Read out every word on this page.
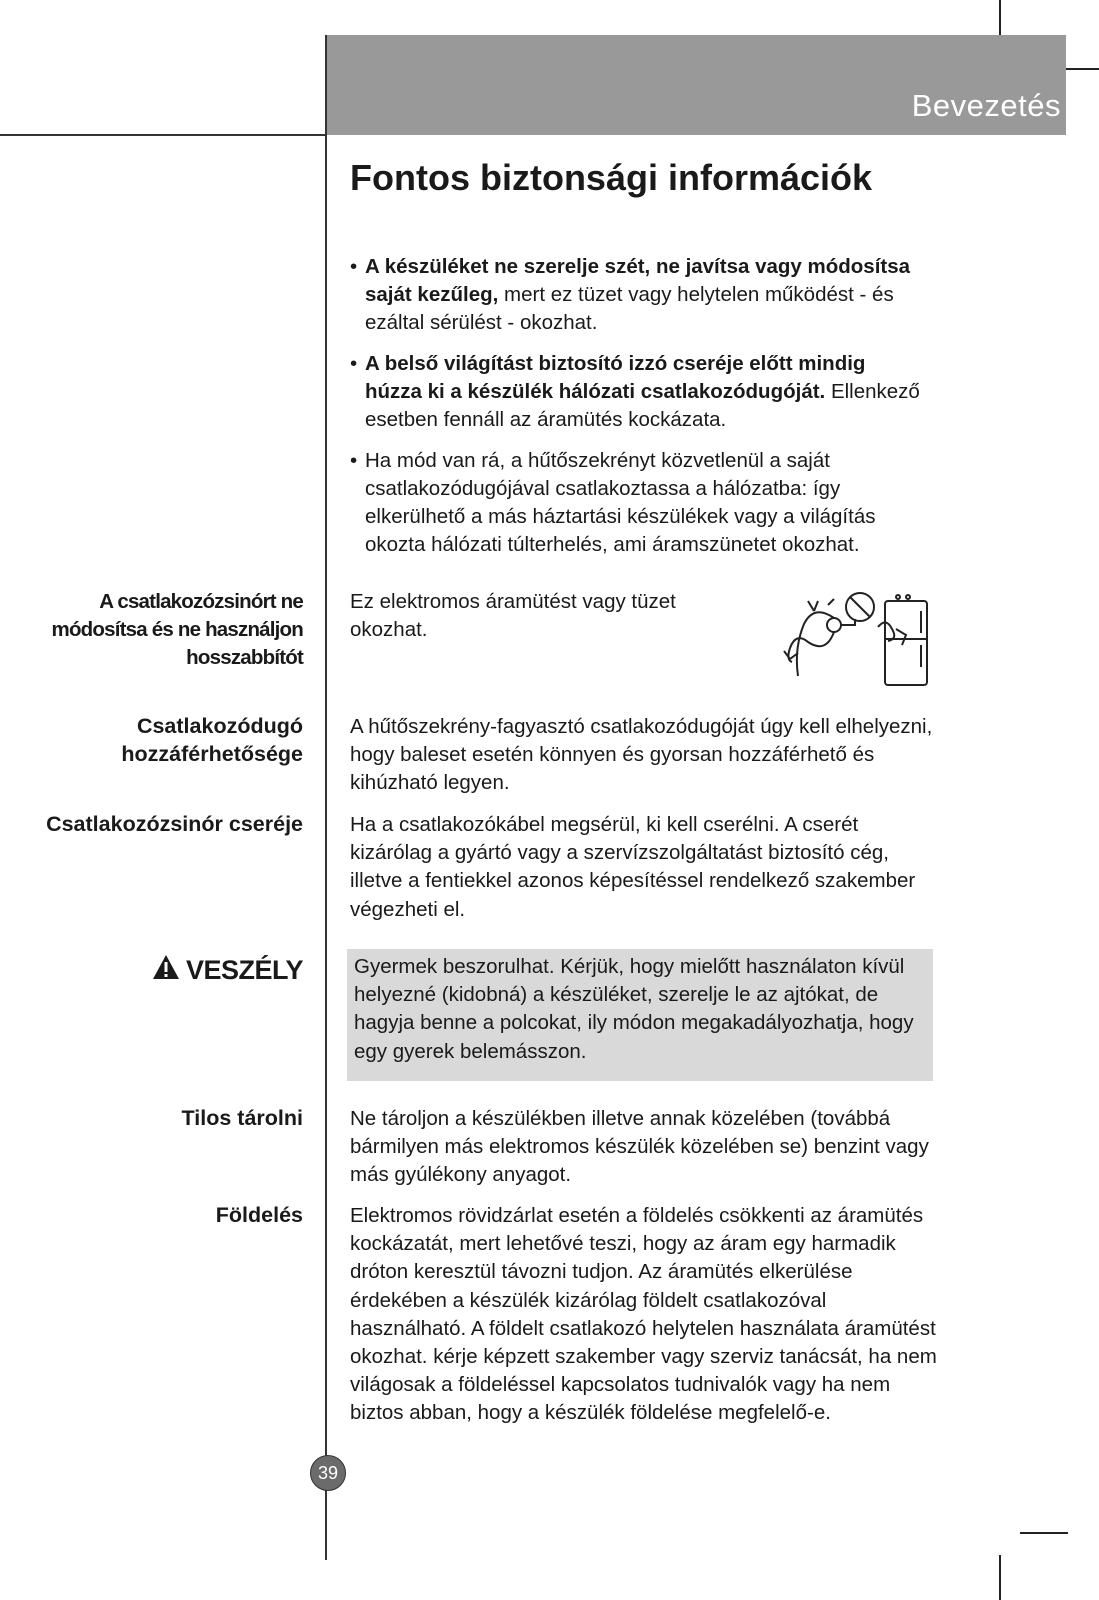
Bevezetés
Fontos biztonsági információk
• A készüléket ne szerelje szét, ne javítsa vagy módosítsa saját kezűleg, mert ez tüzet vagy helytelen működést - és ezáltal sérülést - okozhat.
• A belső világítást biztosító izzó cseréje előtt mindig húzza ki a készülék hálózati csatlakozódugóját. Ellenkező esetben fennáll az áramütés kockázata.
• Ha mód van rá, a hűtőszekrényt közvetlenül a saját csatlakozódugójával csatlakoztassa a hálózatba: így elkerülhető a más háztartási készülékek vagy a világítás okozta hálózati túlterhelés, ami áramszünetet okozhat.
A csatlakozózsinórt ne módosítsa és ne használjon hosszabbítót
Ez elektromos áramütést vagy tüzet okozhat.
Csatlakozódugó hozzáférhetősége
A hűtőszekrény-fagyasztó csatlakozódugóját úgy kell elhelyezni, hogy baleset esetén könnyen és gyorsan hozzáférhető és kihúzható legyen.
Csatlakozózsinór cseréje Ha a csatlakozókábel megsérül, ki kell cserélni. A cserét kizárólag a gyártó vagy a szervízszolgáltatást biztosító cég, illetve a fentiekkel azonos képesítéssel rendelkező szakember végezheti el.
VESZÉLY Gyermek beszorulhat. Kérjük, hogy mielőtt használaton kívül helyezné (kidobná) a készüléket, szerelje le az ajtókat, de hagyja benne a polcokat, ily módon megakadályozhatja, hogy egy gyerek belemásszon.
Tilos tárolni Ne tároljon a készülékben illetve annak közelében (továbbá bármilyen más elektromos készülék közelében se) benzint vagy más gyúlékony anyagot.
Földelés Elektromos rövidzárlat esetén a földelés csökkenti az áramütés kockázatát, mert lehetővé teszi, hogy az áram egy harmadik dróton keresztül távozni tudjon. Az áramütés elkerülése érdekében a készülék kizárólag földelt csatlakozóval használható. A földelt csatlakozó helytelen használata áramütést okozhat. kérje képzett szakember vagy szerviz tanácsát, ha nem világosak a földeléssel kapcsolatos tudnivalók vagy ha nem biztos abban, hogy a készülék földelése megfelelő-e.
39
